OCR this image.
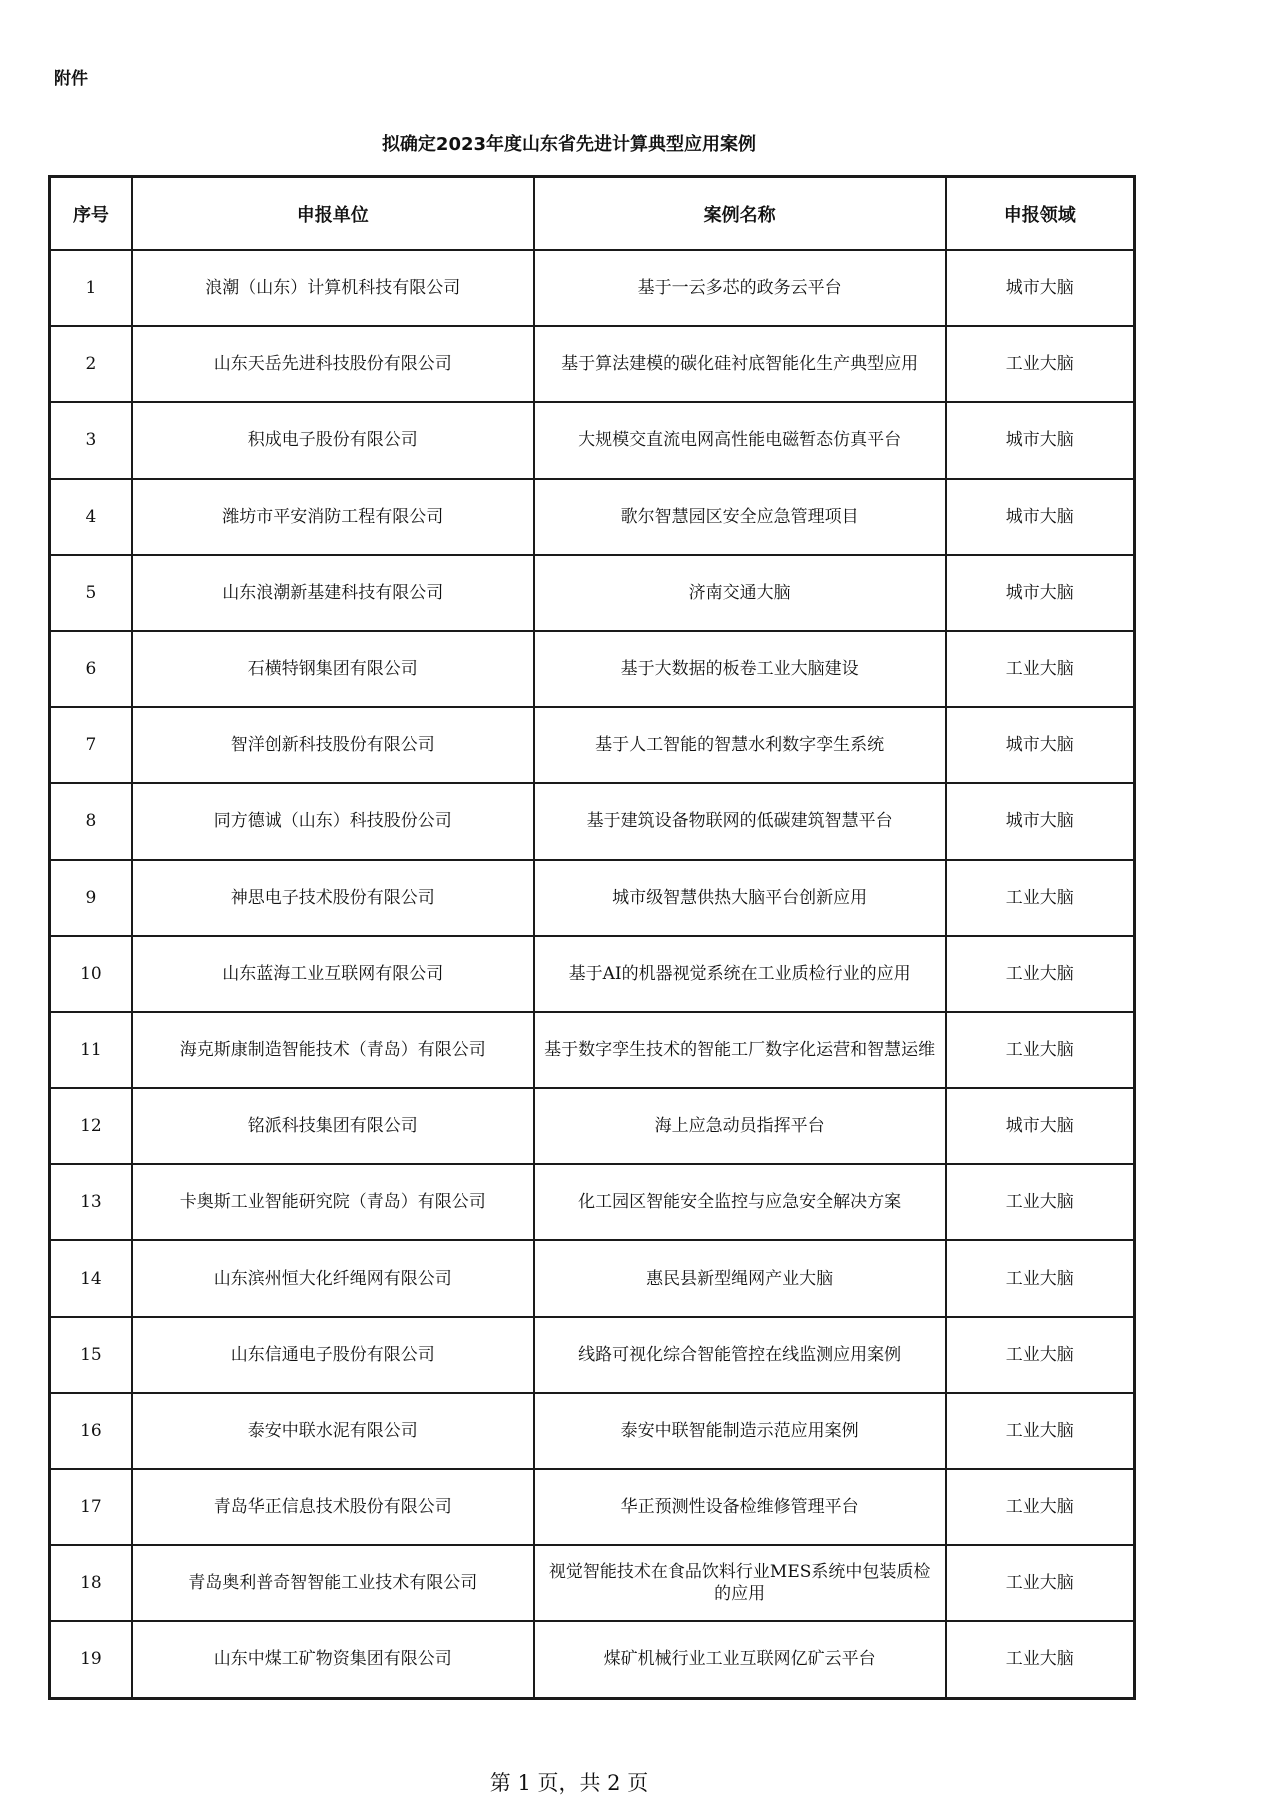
附件
拟确定2023年度山东省先进计算典型应用案例
序号	申报单位	案例名称	申报领域
1	浪潮（山东）计算机科技有限公司	基于一云多芯的政务云平台	城市大脑
2	山东天岳先进科技股份有限公司	基于算法建模的碳化硅衬底智能化生产典型应用	工业大脑
3	积成电子股份有限公司	大规模交直流电网高性能电磁暂态仿真平台	城市大脑
4	潍坊市平安消防工程有限公司	歌尔智慧园区安全应急管理项目	城市大脑
5	山东浪潮新基建科技有限公司	济南交通大脑	城市大脑
6	石横特钢集团有限公司	基于大数据的板卷工业大脑建设	工业大脑
7	智洋创新科技股份有限公司	基于人工智能的智慧水利数字孪生系统	城市大脑
8	同方德诚（山东）科技股份公司	基于建筑设备物联网的低碳建筑智慧平台	城市大脑
9	神思电子技术股份有限公司	城市级智慧供热大脑平台创新应用	工业大脑
10	山东蓝海工业互联网有限公司	基于AI的机器视觉系统在工业质检行业的应用	工业大脑
11	海克斯康制造智能技术（青岛）有限公司	基于数字孪生技术的智能工厂数字化运营和智慧运维	工业大脑
12	铭派科技集团有限公司	海上应急动员指挥平台	城市大脑
13	卡奥斯工业智能研究院（青岛）有限公司	化工园区智能安全监控与应急安全解决方案	工业大脑
14	山东滨州恒大化纤绳网有限公司	惠民县新型绳网产业大脑	工业大脑
15	山东信通电子股份有限公司	线路可视化综合智能管控在线监测应用案例	工业大脑
16	泰安中联水泥有限公司	泰安中联智能制造示范应用案例	工业大脑
17	青岛华正信息技术股份有限公司	华正预测性设备检维修管理平台	工业大脑
18	青岛奥利普奇智智能工业技术有限公司	视觉智能技术在食品饮料行业MES系统中包装质检的应用	工业大脑
19	山东中煤工矿物资集团有限公司	煤矿机械行业工业互联网亿矿云平台	工业大脑
第 1 页，共 2 页
